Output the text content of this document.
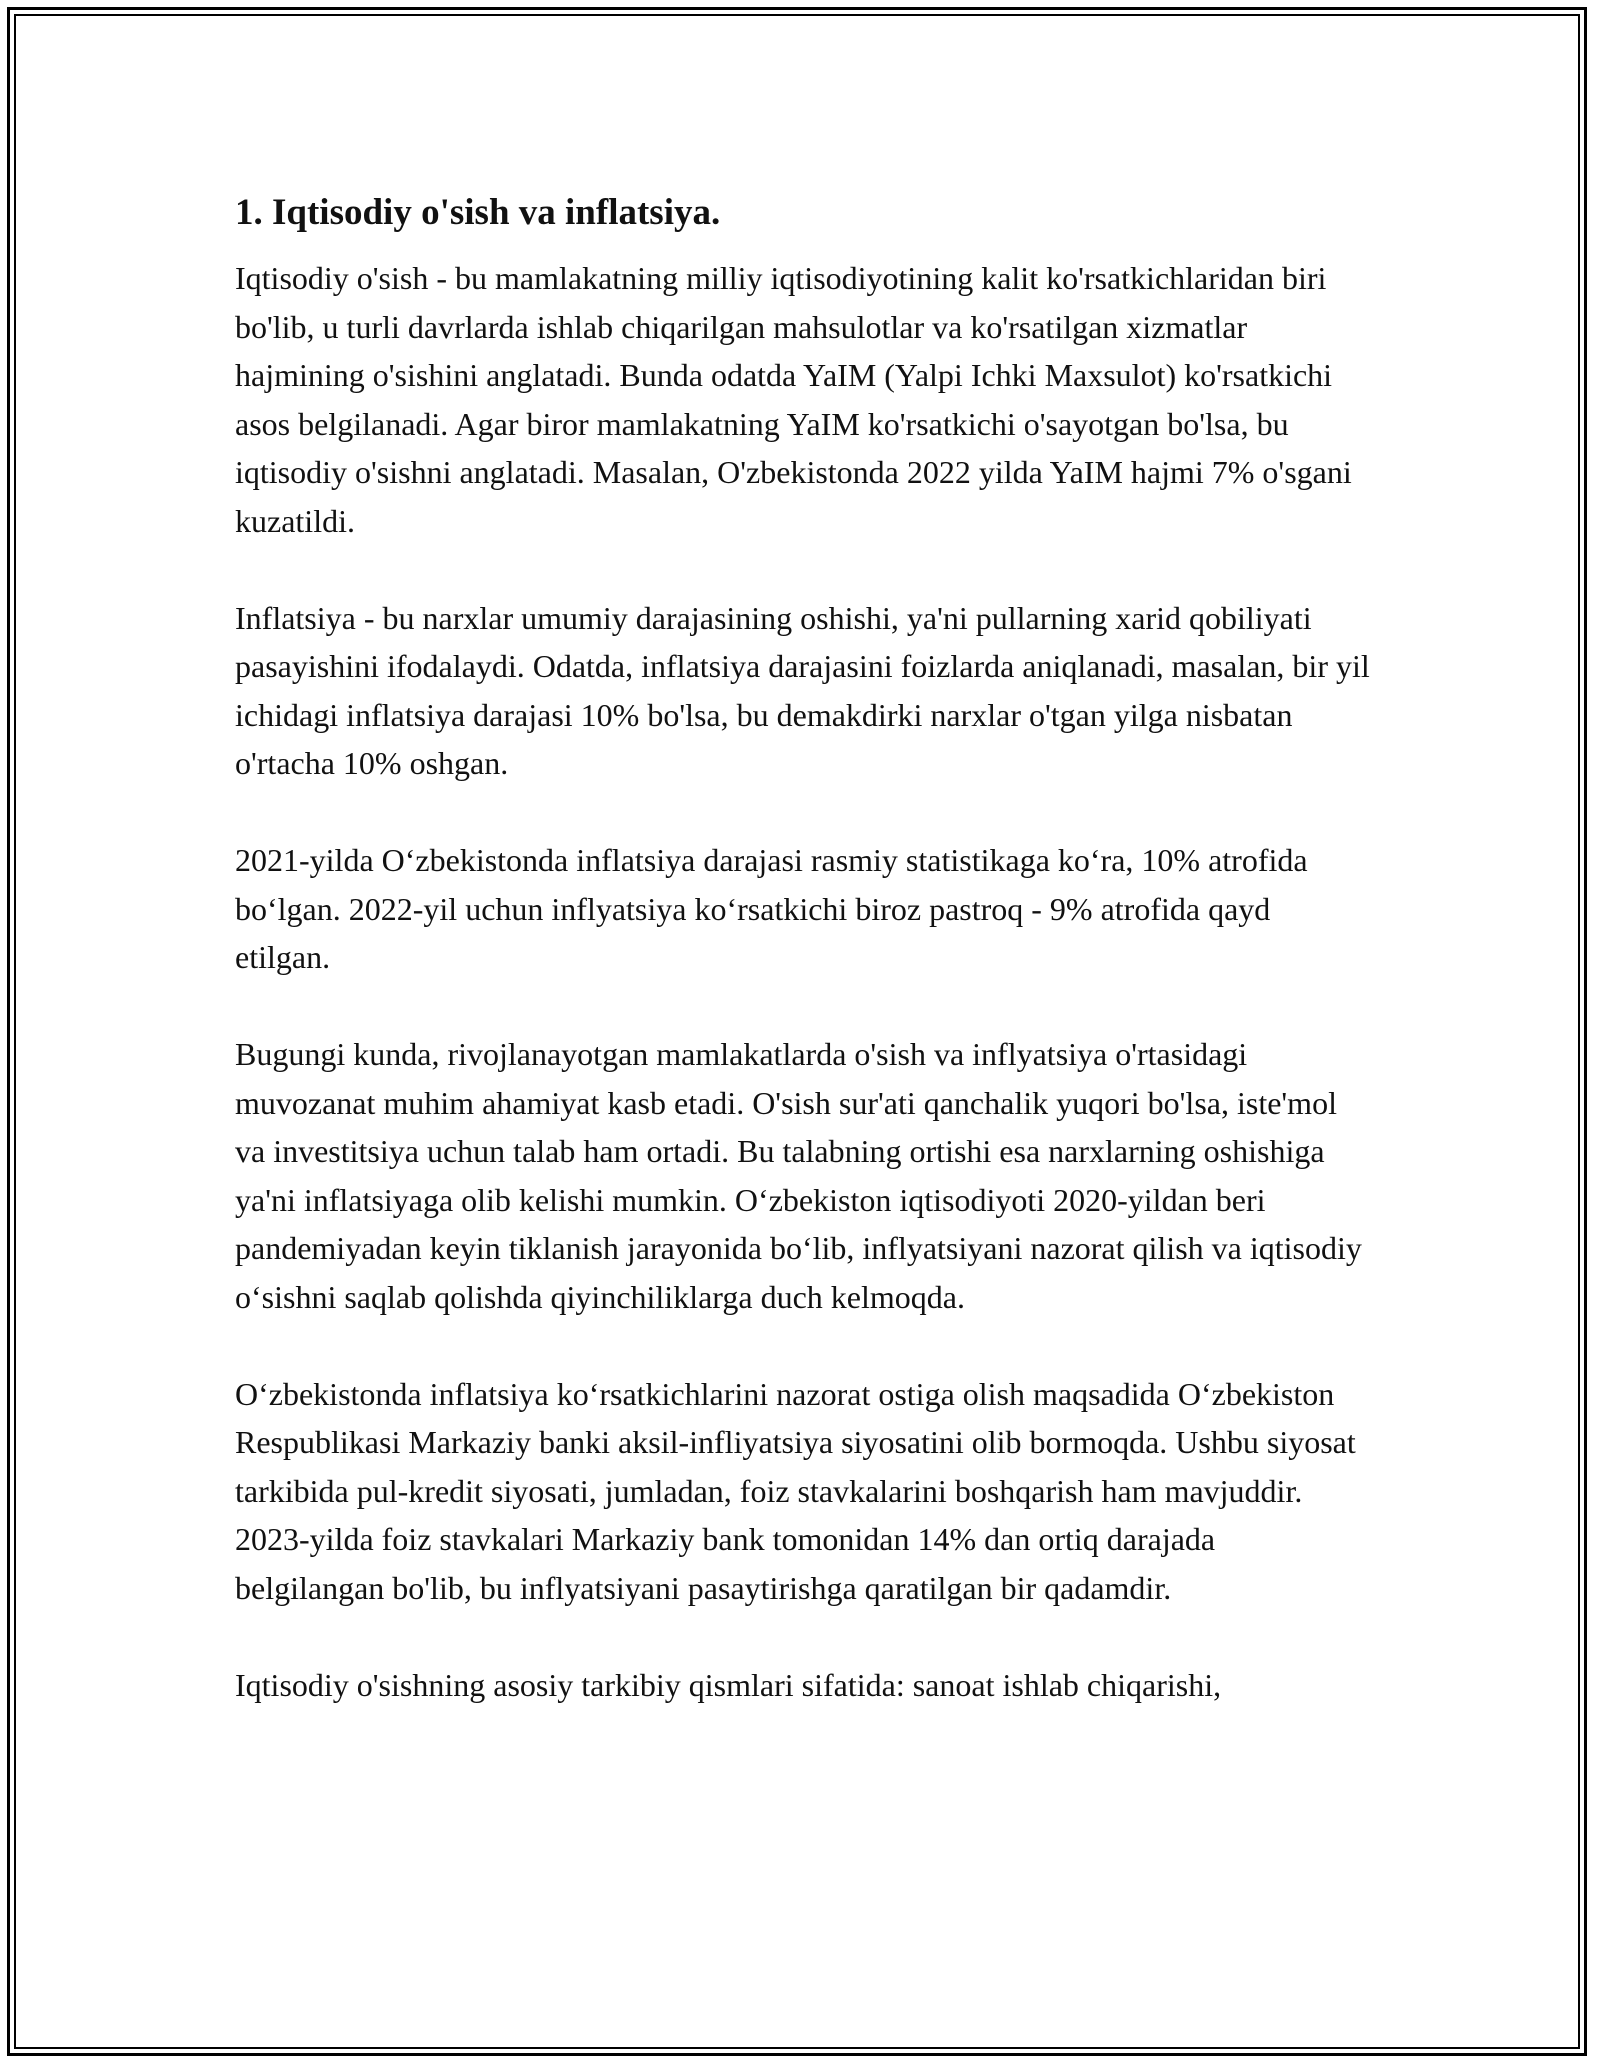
1. Iqtisodiy o'sish va inflatsiya.

Iqtisodiy o'sish - bu mamlakatning milliy iqtisodiyotining kalit ko'rsatkichlaridan biri bo'lib, u turli davrlarda ishlab chiqarilgan mahsulotlar va ko'rsatilgan xizmatlar hajmining o'sishini anglatadi. Bunda odatda YaIM (Yalpi Ichki Maxsulot) ko'rsatkichi asos belgilanadi. Agar biror mamlakatning YaIM ko'rsatkichi o'sayotgan bo'lsa, bu iqtisodiy o'sishni anglatadi. Masalan, O'zbekistonda 2022 yilda YaIM hajmi 7% o'sgani kuzatildi.

Inflatsiya - bu narxlar umumiy darajasining oshishi, ya'ni pullarning xarid qobiliyati pasayishini ifodalaydi. Odatda, inflatsiya darajasini foizlarda aniqlanadi, masalan, bir yil ichidagi inflatsiya darajasi 10% bo'lsa, bu demakdirki narxlar o'tgan yilga nisbatan o'rtacha 10% oshgan.

2021-yilda O‘zbekistonda inflatsiya darajasi rasmiy statistikaga ko‘ra, 10% atrofida bo‘lgan. 2022-yil uchun inflyatsiya ko‘rsatkichi biroz pastroq - 9% atrofida qayd etilgan.

Bugungi kunda, rivojlanayotgan mamlakatlarda o'sish va inflyatsiya o'rtasidagi muvozanat muhim ahamiyat kasb etadi. O'sish sur'ati qanchalik yuqori bo'lsa, iste'mol va investitsiya uchun talab ham ortadi. Bu talabning ortishi esa narxlarning oshishiga ya'ni inflatsiyaga olib kelishi mumkin. O‘zbekiston iqtisodiyoti 2020-yildan beri pandemiyadan keyin tiklanish jarayonida bo‘lib, inflyatsiyani nazorat qilish va iqtisodiy o‘sishni saqlab qolishda qiyinchiliklarga duch kelmoqda.

O‘zbekistonda inflatsiya ko‘rsatkichlarini nazorat ostiga olish maqsadida O‘zbekiston Respublikasi Markaziy banki aksil-infliyatsiya siyosatini olib bormoqda. Ushbu siyosat tarkibida pul-kredit siyosati, jumladan, foiz stavkalarini boshqarish ham mavjuddir. 2023-yilda foiz stavkalari Markaziy bank tomonidan 14% dan ortiq darajada belgilangan bo'lib, bu inflyatsiyani pasaytirishga qaratilgan bir qadamdir.

Iqtisodiy o'sishning asosiy tarkibiy qismlari sifatida: sanoat ishlab chiqarishi,
